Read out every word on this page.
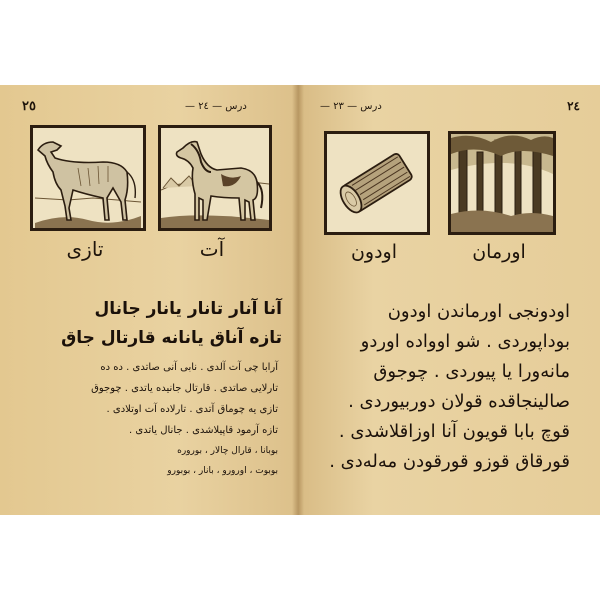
٢٥	درس — ٢٤ —
تازى	آت
آنا آنار تانار يانار جانال
تازه آناق يانانه قارتال جاق
آرابا چى آت آلدى . نابى آنى صاتدى . ده ده
تارلايى صاتدى . قارتال جانيده ياتدى . چوجوق
تازى يه چوماق آتدى . تارلاده آت اوتلادى .
تازه آرمود قاپيلاشدى . جانال ياتدى .
بوبانا ، قارال چالار ، بوروره
بوبوت ، اورورو ، بانار ، بوبورو
٢٤
درس — ٢٣ —
اودون	اورمان
اودونجى اورماندن اودون
بوداپوردى . شو اوواده اوردو
مانەورا يا پيوردى . چوجوق
صالينجاقده قولان دوربيوردى .
قوچ بابا قويون آنا اوزاقلاشدى .
قورقاق قوزو قورقودن مەلەدى .
